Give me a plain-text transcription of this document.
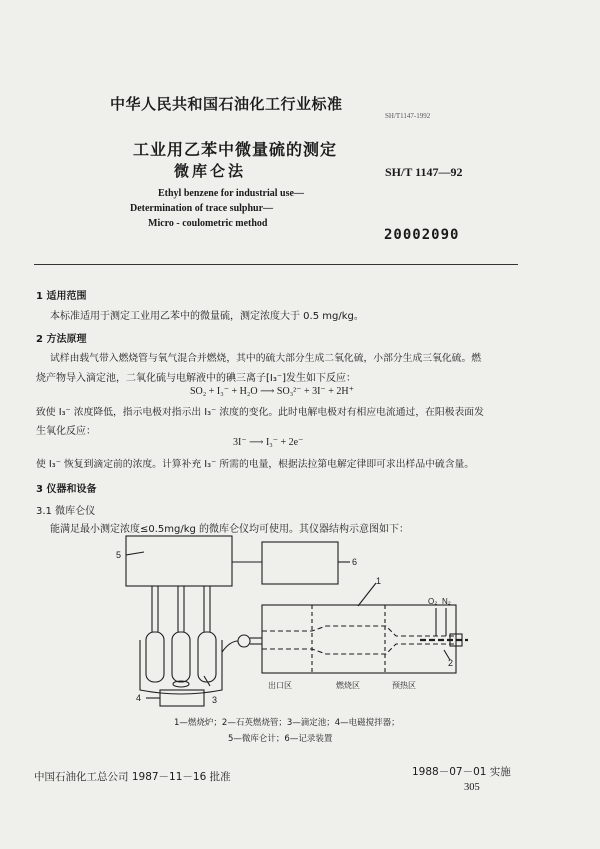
中华人民共和国石油化工行业标准
SH/T1147-1992
工业用乙苯中微量硫的测定
微库仑法	SH/T 1147—92
Ethyl benzene for industrial use—
Determination of trace sulphur—
Micro - coulometric method
20002090
1 适用范围
本标准适用于测定工业用乙苯中的微量硫，测定浓度大于 0.5 mg/kg。
2 方法原理
试样由载气带入燃烧管与氧气混合并燃烧，其中的硫大部分生成二氧化硫，小部分生成三氧化硫。燃
烧产物导入滴定池，二氧化硫与电解液中的碘三离子[I₃⁻]发生如下反应：
SO₂ + I₃⁻ + H₂O ⟶ SO₃²⁻ + 3I⁻ + 2H⁺
致使 I₃⁻ 浓度降低，指示电极对指示出 I₃⁻ 浓度的变化。此时电解电极对有相应电流通过，在阳极表面发
生氧化反应：
3I⁻ ⟶ I₃⁻ + 2e⁻
使 I₃⁻ 恢复到滴定前的浓度。计算补充 I₃⁻ 所需的电量，根据法拉第电解定律即可求出样品中硫含量。
3 仪器和设备
3.1 微库仑仪
能满足最小测定浓度≤0.5mg/kg 的微库仑仪均可使用。其仪器结构示意图如下：
5
6
1
2
3
4
O₂ N₂
出口区	燃烧区	预热区
1—燃烧炉；2—石英燃烧管；3—滴定池；4—电磁搅拌器；
5—微库仑计；6—记录装置
中国石油化工总公司 1987－11－16 批准	1988－07－01 实施
305
